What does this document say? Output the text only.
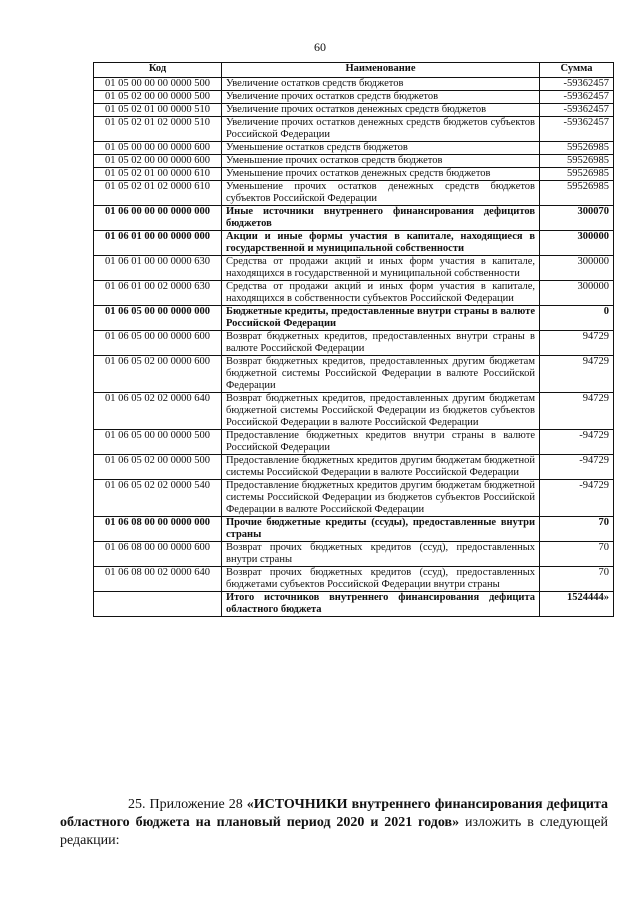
60
Код	Наименование	Сумма
01 05 00 00 00 0000 500	Увеличение остатков средств бюджетов	-59362457
01 05 02 00 00 0000 500	Увеличение прочих остатков средств бюджетов	-59362457
01 05 02 01 00 0000 510	Увеличение прочих остатков денежных средств бюджетов	-59362457
01 05 02 01 02 0000 510	Увеличение прочих остатков денежных средств бюджетов субъектов Российской Федерации	-59362457
01 05 00 00 00 0000 600	Уменьшение остатков средств бюджетов	59526985
01 05 02 00 00 0000 600	Уменьшение прочих остатков средств бюджетов	59526985
01 05 02 01 00 0000 610	Уменьшение прочих остатков денежных средств бюджетов	59526985
01 05 02 01 02 0000 610	Уменьшение прочих остатков денежных средств бюджетов субъектов Российской Федерации	59526985
01 06 00 00 00 0000 000	Иные источники внутреннего финансирования дефицитов бюджетов	300070
01 06 01 00 00 0000 000	Акции и иные формы участия в капитале, находящиеся в государственной и муниципальной собственности	300000
01 06 01 00 00 0000 630	Средства от продажи акций и иных форм участия в капитале, находящихся в государственной и муниципальной собственности	300000
01 06 01 00 02 0000 630	Средства от продажи акций и иных форм участия в капитале, находящихся в собственности субъектов Российской Федерации	300000
01 06 05 00 00 0000 000	Бюджетные кредиты, предоставленные внутри страны в валюте Российской Федерации	0
01 06 05 00 00 0000 600	Возврат бюджетных кредитов, предоставленных внутри страны в валюте Российской Федерации	94729
01 06 05 02 00 0000 600	Возврат бюджетных кредитов, предоставленных другим бюджетам бюджетной системы Российской Федерации в валюте Российской Федерации	94729
01 06 05 02 02 0000 640	Возврат бюджетных кредитов, предоставленных другим бюджетам бюджетной системы Российской Федерации из бюджетов субъектов Российской Федерации в валюте Российской Федерации	94729
01 06 05 00 00 0000 500	Предоставление бюджетных кредитов внутри страны в валюте Российской Федерации	-94729
01 06 05 02 00 0000 500	Предоставление бюджетных кредитов другим бюджетам бюджетной системы Российской Федерации в валюте Российской Федерации	-94729
01 06 05 02 02 0000 540	Предоставление бюджетных кредитов другим бюджетам бюджетной системы Российской Федерации из бюджетов субъектов Российской Федерации в валюте Российской Федерации	-94729
01 06 08 00 00 0000 000	Прочие бюджетные кредиты (ссуды), предоставленные внутри страны	70
01 06 08 00 00 0000 600	Возврат прочих бюджетных кредитов (ссуд), предоставленных внутри страны	70
01 06 08 00 02 0000 640	Возврат прочих бюджетных кредитов (ссуд), предоставленных бюджетами субъектов Российской Федерации внутри страны	70
	Итого источников внутреннего финансирования дефицита областного бюджета	1524444»
25. Приложение 28 «ИСТОЧНИКИ внутреннего финансирования дефицита областного бюджета на плановый период 2020 и 2021 годов» изложить в следующей редакции:
